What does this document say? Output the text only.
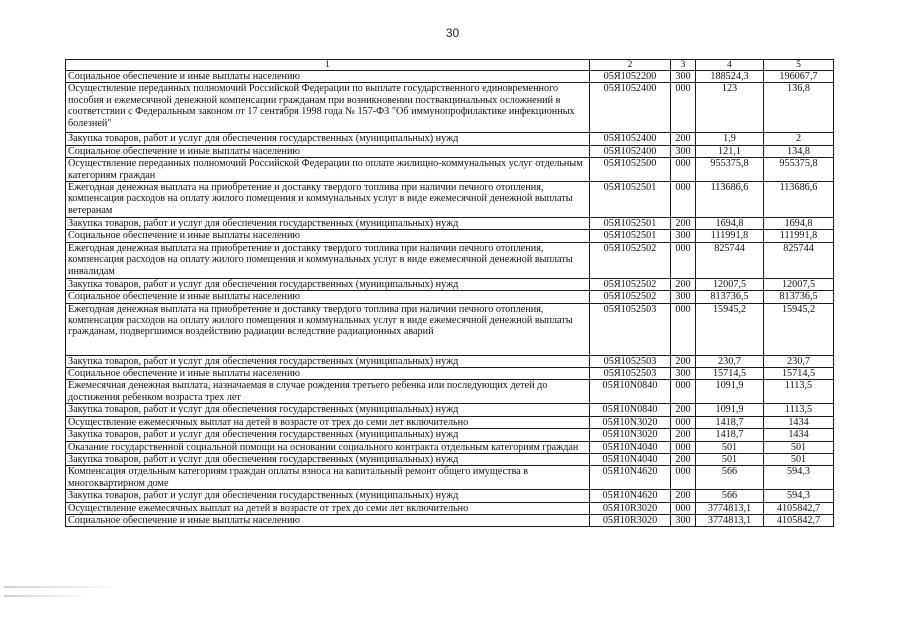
30
1	2	3	4	5
Социальное обеспечение и иные выплаты населению	05Я1052200	300	188524,3	196067,7
Осуществление переданных полномочий Российской Федерации по выплате государственного единовременного пособия и ежемесячной денежной компенсации гражданам при возникновении поствакцинальных осложнений в соответствии с Федеральным законом от 17 сентября 1998 года № 157-ФЗ "Об иммунопрофилактике инфекционных болезней"	05Я1052400	000	123	136,8
Закупка товаров, работ и услуг для обеспечения государственных (муниципальных) нужд	05Я1052400	200	1,9	2
Социальное обеспечение и иные выплаты населению	05Я1052400	300	121,1	134,8
Осуществление переданных полномочий Российской Федерации по оплате жилищно-коммунальных услуг отдельным категориям граждан	05Я1052500	000	955375,8	955375,8
Ежегодная денежная выплата на приобретение и доставку твердого топлива при наличии печного отопления, компенсация расходов на оплату жилого помещения и коммунальных услуг в виде ежемесячной денежной выплаты ветеранам	05Я1052501	000	113686,6	113686,6
Закупка товаров, работ и услуг для обеспечения государственных (муниципальных) нужд	05Я1052501	200	1694,8	1694,8
Социальное обеспечение и иные выплаты населению	05Я1052501	300	111991,8	111991,8
Ежегодная денежная выплата на приобретение и доставку твердого топлива при наличии печного отопления, компенсация расходов на оплату жилого помещения и коммунальных услуг в виде ежемесячной денежной выплаты инвалидам	05Я1052502	000	825744	825744
Закупка товаров, работ и услуг для обеспечения государственных (муниципальных) нужд	05Я1052502	200	12007,5	12007,5
Социальное обеспечение и иные выплаты населению	05Я1052502	300	813736,5	813736,5
Ежегодная денежная выплата на приобретение и доставку твердого топлива при наличии печного отопления, компенсация расходов на оплату жилого помещения и коммунальных услуг в виде ежемесячной денежной выплаты гражданам, подвергшимся воздействию радиации вследствие радиационных аварий	05Я1052503	000	15945,2	15945,2
Закупка товаров, работ и услуг для обеспечения государственных (муниципальных) нужд	05Я1052503	200	230,7	230,7
Социальное обеспечение и иные выплаты населению	05Я1052503	300	15714,5	15714,5
Ежемесячная денежная выплата, назначаемая в случае рождения третьего ребенка или последующих детей до достижения ребенком возраста трех лет	05Я10N0840	000	1091,9	1113,5
Закупка товаров, работ и услуг для обеспечения государственных (муниципальных) нужд	05Я10N0840	200	1091,9	1113,5
Осуществление ежемесячных выплат на детей в возрасте от трех до семи лет включительно	05Я10N3020	000	1418,7	1434
Закупка товаров, работ и услуг для обеспечения государственных (муниципальных) нужд	05Я10N3020	200	1418,7	1434
Оказание государственной социальной помощи на основании социального контракта отдельным категориям граждан	05Я10N4040	000	501	501
Закупка товаров, работ и услуг для обеспечения государственных (муниципальных) нужд	05Я10N4040	200	501	501
Компенсация отдельным категориям граждан оплаты взноса на капитальный ремонт общего имущества в многоквартирном доме	05Я10N4620	000	566	594,3
Закупка товаров, работ и услуг для обеспечения государственных (муниципальных) нужд	05Я10N4620	200	566	594,3
Осуществление ежемесячных выплат на детей в возрасте от трех до семи лет включительно	05Я10R3020	000	3774813,1	4105842,7
Социальное обеспечение и иные выплаты населению	05Я10R3020	300	3774813,1	4105842,7
